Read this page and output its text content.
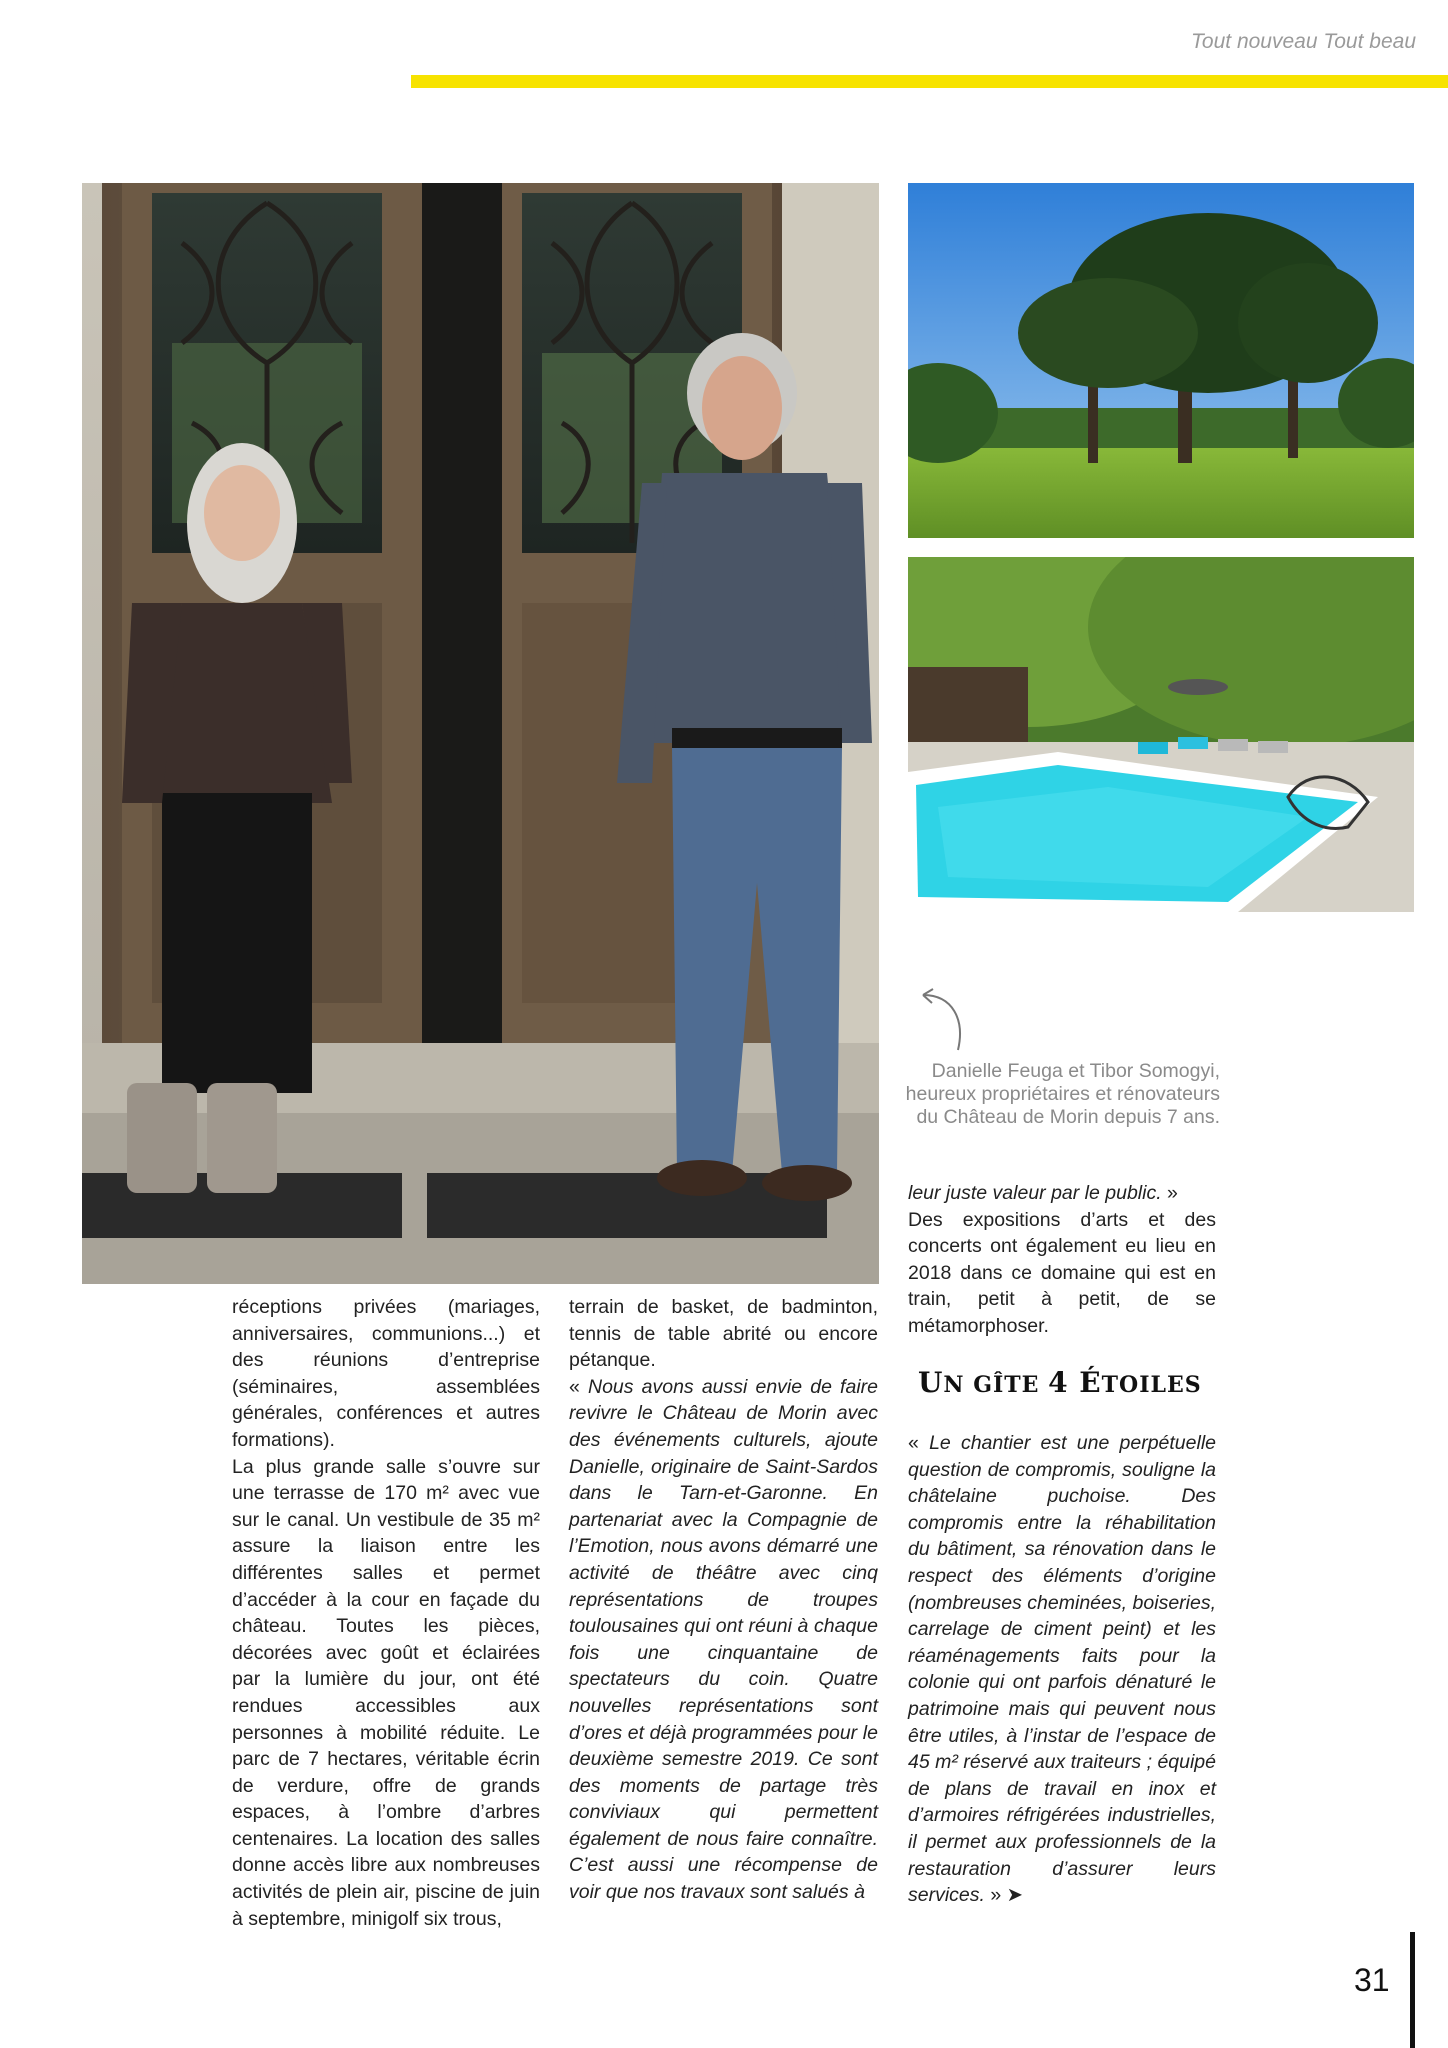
Tout nouveau Tout beau
Danielle Feuga et Tibor Somogyi,
heureux propriétaires et rénovateurs
du Château de Morin depuis 7 ans.

réceptions privées (mariages, anniversaires, communions...) et des réunions d’entreprise (séminaires, assemblées générales, conférences et autres formations).

La plus grande salle s’ouvre sur une terrasse de 170 m² avec vue sur le canal. Un vestibule de 35 m² assure la liaison entre les différentes salles et permet d’accéder à la cour en façade du château. Toutes les pièces, décorées avec goût et éclairées par la lumière du jour, ont été rendues accessibles aux personnes à mobilité réduite. Le parc de 7 hectares, véritable écrin de verdure, offre de grands espaces, à l’ombre d’arbres centenaires. La location des salles donne accès libre aux nombreuses activités de plein air, piscine de juin à septembre, minigolf six trous,

terrain de basket, de badminton, tennis de table abrité ou encore pétanque.

« Nous avons aussi envie de faire revivre le Château de Morin avec des événements culturels, ajoute Danielle, originaire de Saint-Sardos dans le Tarn-et-Garonne. En partenariat avec la Compagnie de l’Emotion, nous avons démarré une activité de théâtre avec cinq représentations de troupes toulousaines qui ont réuni à chaque fois une cinquantaine de spectateurs du coin. Quatre nouvelles représentations sont d’ores et déjà programmées pour le deuxième semestre 2019. Ce sont des moments de partage très conviviaux qui permettent également de nous faire connaître. C’est aussi une récompense de voir que nos travaux sont salués à

leur juste valeur par le public. »

Des expositions d’arts et des concerts ont également eu lieu en 2018 dans ce domaine qui est en train, petit à petit, de se métamorphoser.

UN GÎTE 4 ÉTOILES

« Le chantier est une perpétuelle question de compromis, souligne la châtelaine puchoise. Des compromis entre la réhabilitation du bâtiment, sa rénovation dans le respect des éléments d’origine (nombreuses cheminées, boiseries, carrelage de ciment peint) et les réaménagements faits pour la colonie qui ont parfois dénaturé le patrimoine mais qui peuvent nous être utiles, à l’instar de l’espace de 45 m² réservé aux traiteurs ; équipé de plans de travail en inox et d’armoires réfrigérées industrielles, il permet aux professionnels de la restauration d’assurer leurs services. » ➤

31
